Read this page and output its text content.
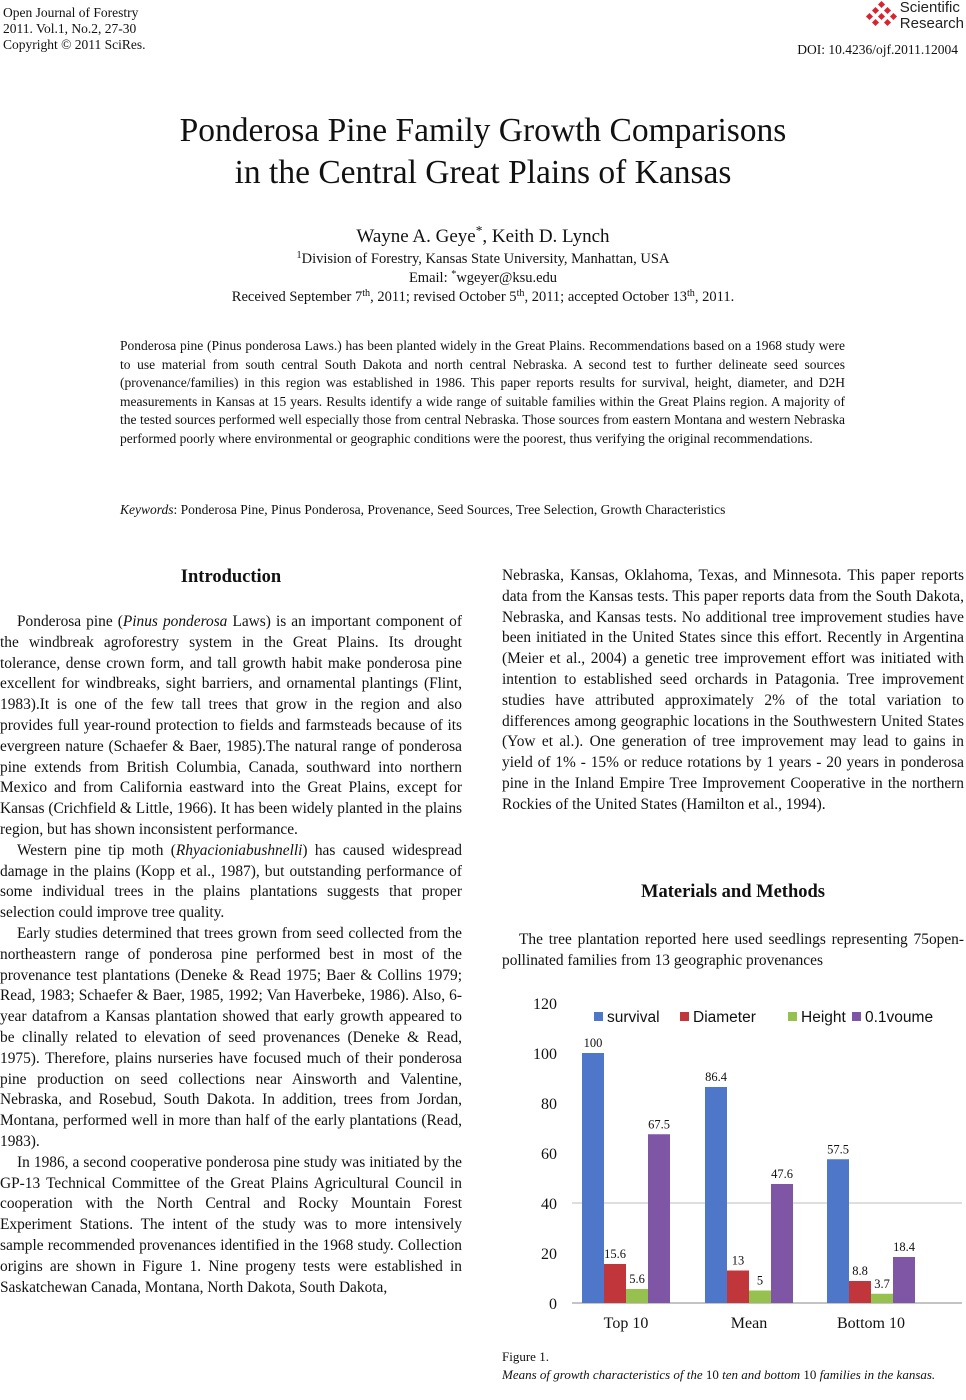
Open Journal of Forestry
2011. Vol.1, No.2, 27-30
Copyright © 2011 SciRes.
Scientific
Research
DOI: 10.4236/ojf.2011.12004
Ponderosa Pine Family Growth Comparisons
in the Central Great Plains of Kansas
Wayne A. Geye*, Keith D. Lynch
$^1$Division of Forestry, Kansas State University, Manhattan, USA
Email: *wgeyer@ksu.edu
Received September 7th, 2011; revised October 5th, 2011; accepted October 13th, 2011.
Ponderosa pine (Pinus ponderosa Laws.) has been planted widely in the Great Plains. Recommendations based on a 1968 study were to use material from south central South Dakota and north central Nebraska. A second test to further delineate seed sources (provenance/families) in this region was established in 1986. This paper reports results for survival, height, diameter, and D2H measurements in Kansas at 15 years. Results identify a wide range of suitable families within the Great Plains region. A majority of the tested sources performed well especially those from central Nebraska. Those sources from eastern Montana and western Nebraska performed poorly where environmental or geographic conditions were the poorest, thus verifying the original recommendations.
Keywords: Ponderosa Pine, Pinus Ponderosa, Provenance, Seed Sources, Tree Selection, Growth Characteristics
Introduction

Ponderosa pine (Pinus ponderosa Laws) is an important component of the windbreak agroforestry system in the Great Plains. Its drought tolerance, dense crown form, and tall growth habit make ponderosa pine excellent for windbreaks, sight barriers, and ornamental plantings (Flint, 1983).It is one of the few tall trees that grow in the region and also provides full year-round protection to fields and farmsteads because of its evergreen nature (Schaefer & Baer, 1985).The natural range of ponderosa pine extends from British Columbia, Canada, southward into northern Mexico and from California eastward into the Great Plains, except for Kansas (Crichfield & Little, 1966). It has been widely planted in the plains region, but has shown inconsistent performance.

Western pine tip moth (Rhyacioniabushnelli) has caused widespread damage in the plains (Kopp et al., 1987), but outstanding performance of some individual trees in the plains plantations suggests that proper selection could improve tree quality.

Early studies determined that trees grown from seed collected from the northeastern range of ponderosa pine performed best in most of the provenance test plantations (Deneke & Read 1975; Baer & Collins 1979; Read, 1983; Schaefer & Baer, 1985, 1992; Van Haverbeke, 1986). Also, 6-year datafrom a Kansas plantation showed that early growth appeared to be clinally related to elevation of seed provenances (Deneke & Read, 1975). Therefore, plains nurseries have focused much of their ponderosa pine production on seed collections near Ainsworth and Valentine, Nebraska, and Rosebud, South Dakota. In addition, trees from Jordan, Montana, performed well in more than half of the early plantations (Read, 1983).

In 1986, a second cooperative ponderosa pine study was initiated by the GP-13 Technical Committee of the Great Plains Agricultural Council in cooperation with the North Central and Rocky Mountain Forest Experiment Stations. The intent of the study was to more intensively sample recommended provenances identified in the 1968 study. Collection origins are shown in Figure 1. Nine progeny tests were established in Saskatchewan Canada, Montana, North Dakota, South Dakota,

Nebraska, Kansas, Oklahoma, Texas, and Minnesota. This paper reports data from the Kansas tests. This paper reports data from the South Dakota, Nebraska, and Kansas tests. No additional tree improvement studies have been initiated in the United States since this effort. Recently in Argentina (Meier et al., 2004) a genetic tree improvement effort was initiated with intention to established seed orchards in Patagonia. Tree improvement studies have attributed approximately 2% of the total variation to differences among geographic locations in the Southwestern United States (Yow et al.). One generation of tree improvement may lead to gains in yield of 1% - 15% or reduce rotations by 1 years - 20 years in ponderosa pine in the Inland Empire Tree Improvement Cooperative in the northern Rockies of the United States (Hamilton et al., 1994).

Materials and Methods

The tree plantation reported here used seedlings representing 75open-pollinated families from 13 geographic provenances

0
20
40
60
80
100
120
100
15.6
5.6
67.5
Top 10
86.4
13
5
47.6
Mean
57.5
8.8
3.7
18.4
Bottom 10
survival Diameter	Height 0.1voume
Figure 1.
Means of growth characteristics of the 10 ten and bottom 10 families in the kansas.
